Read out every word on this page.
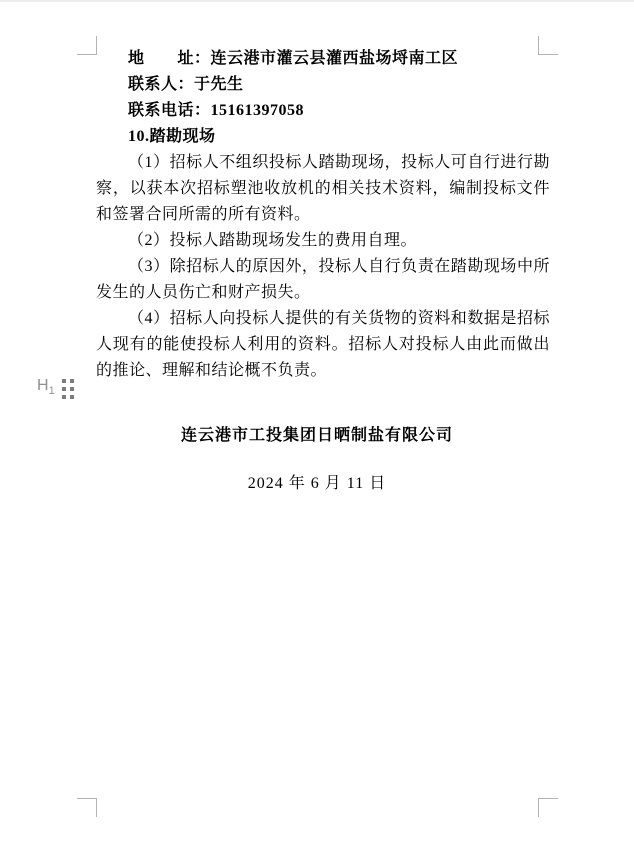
$H_1$

地　　址：连云港市灌云县灌西盐场埒南工区

联系人：于先生

联系电话：15161397058

10.踏勘现场

（1）招标人不组织投标人踏勘现场，投标人可自行进行勘察，以获本次招标塑池收放机的相关技术资料，编制投标文件和签署合同所需的所有资料。

（2）投标人踏勘现场发生的费用自理。

（3）除招标人的原因外，投标人自行负责在踏勘现场中所发生的人员伤亡和财产损失。

（4）招标人向投标人提供的有关货物的资料和数据是招标人现有的能使投标人利用的资料。招标人对投标人由此而做出的推论、理解和结论概不负责。

连云港市工投集团日晒制盐有限公司

2024 年 6 月 11 日
